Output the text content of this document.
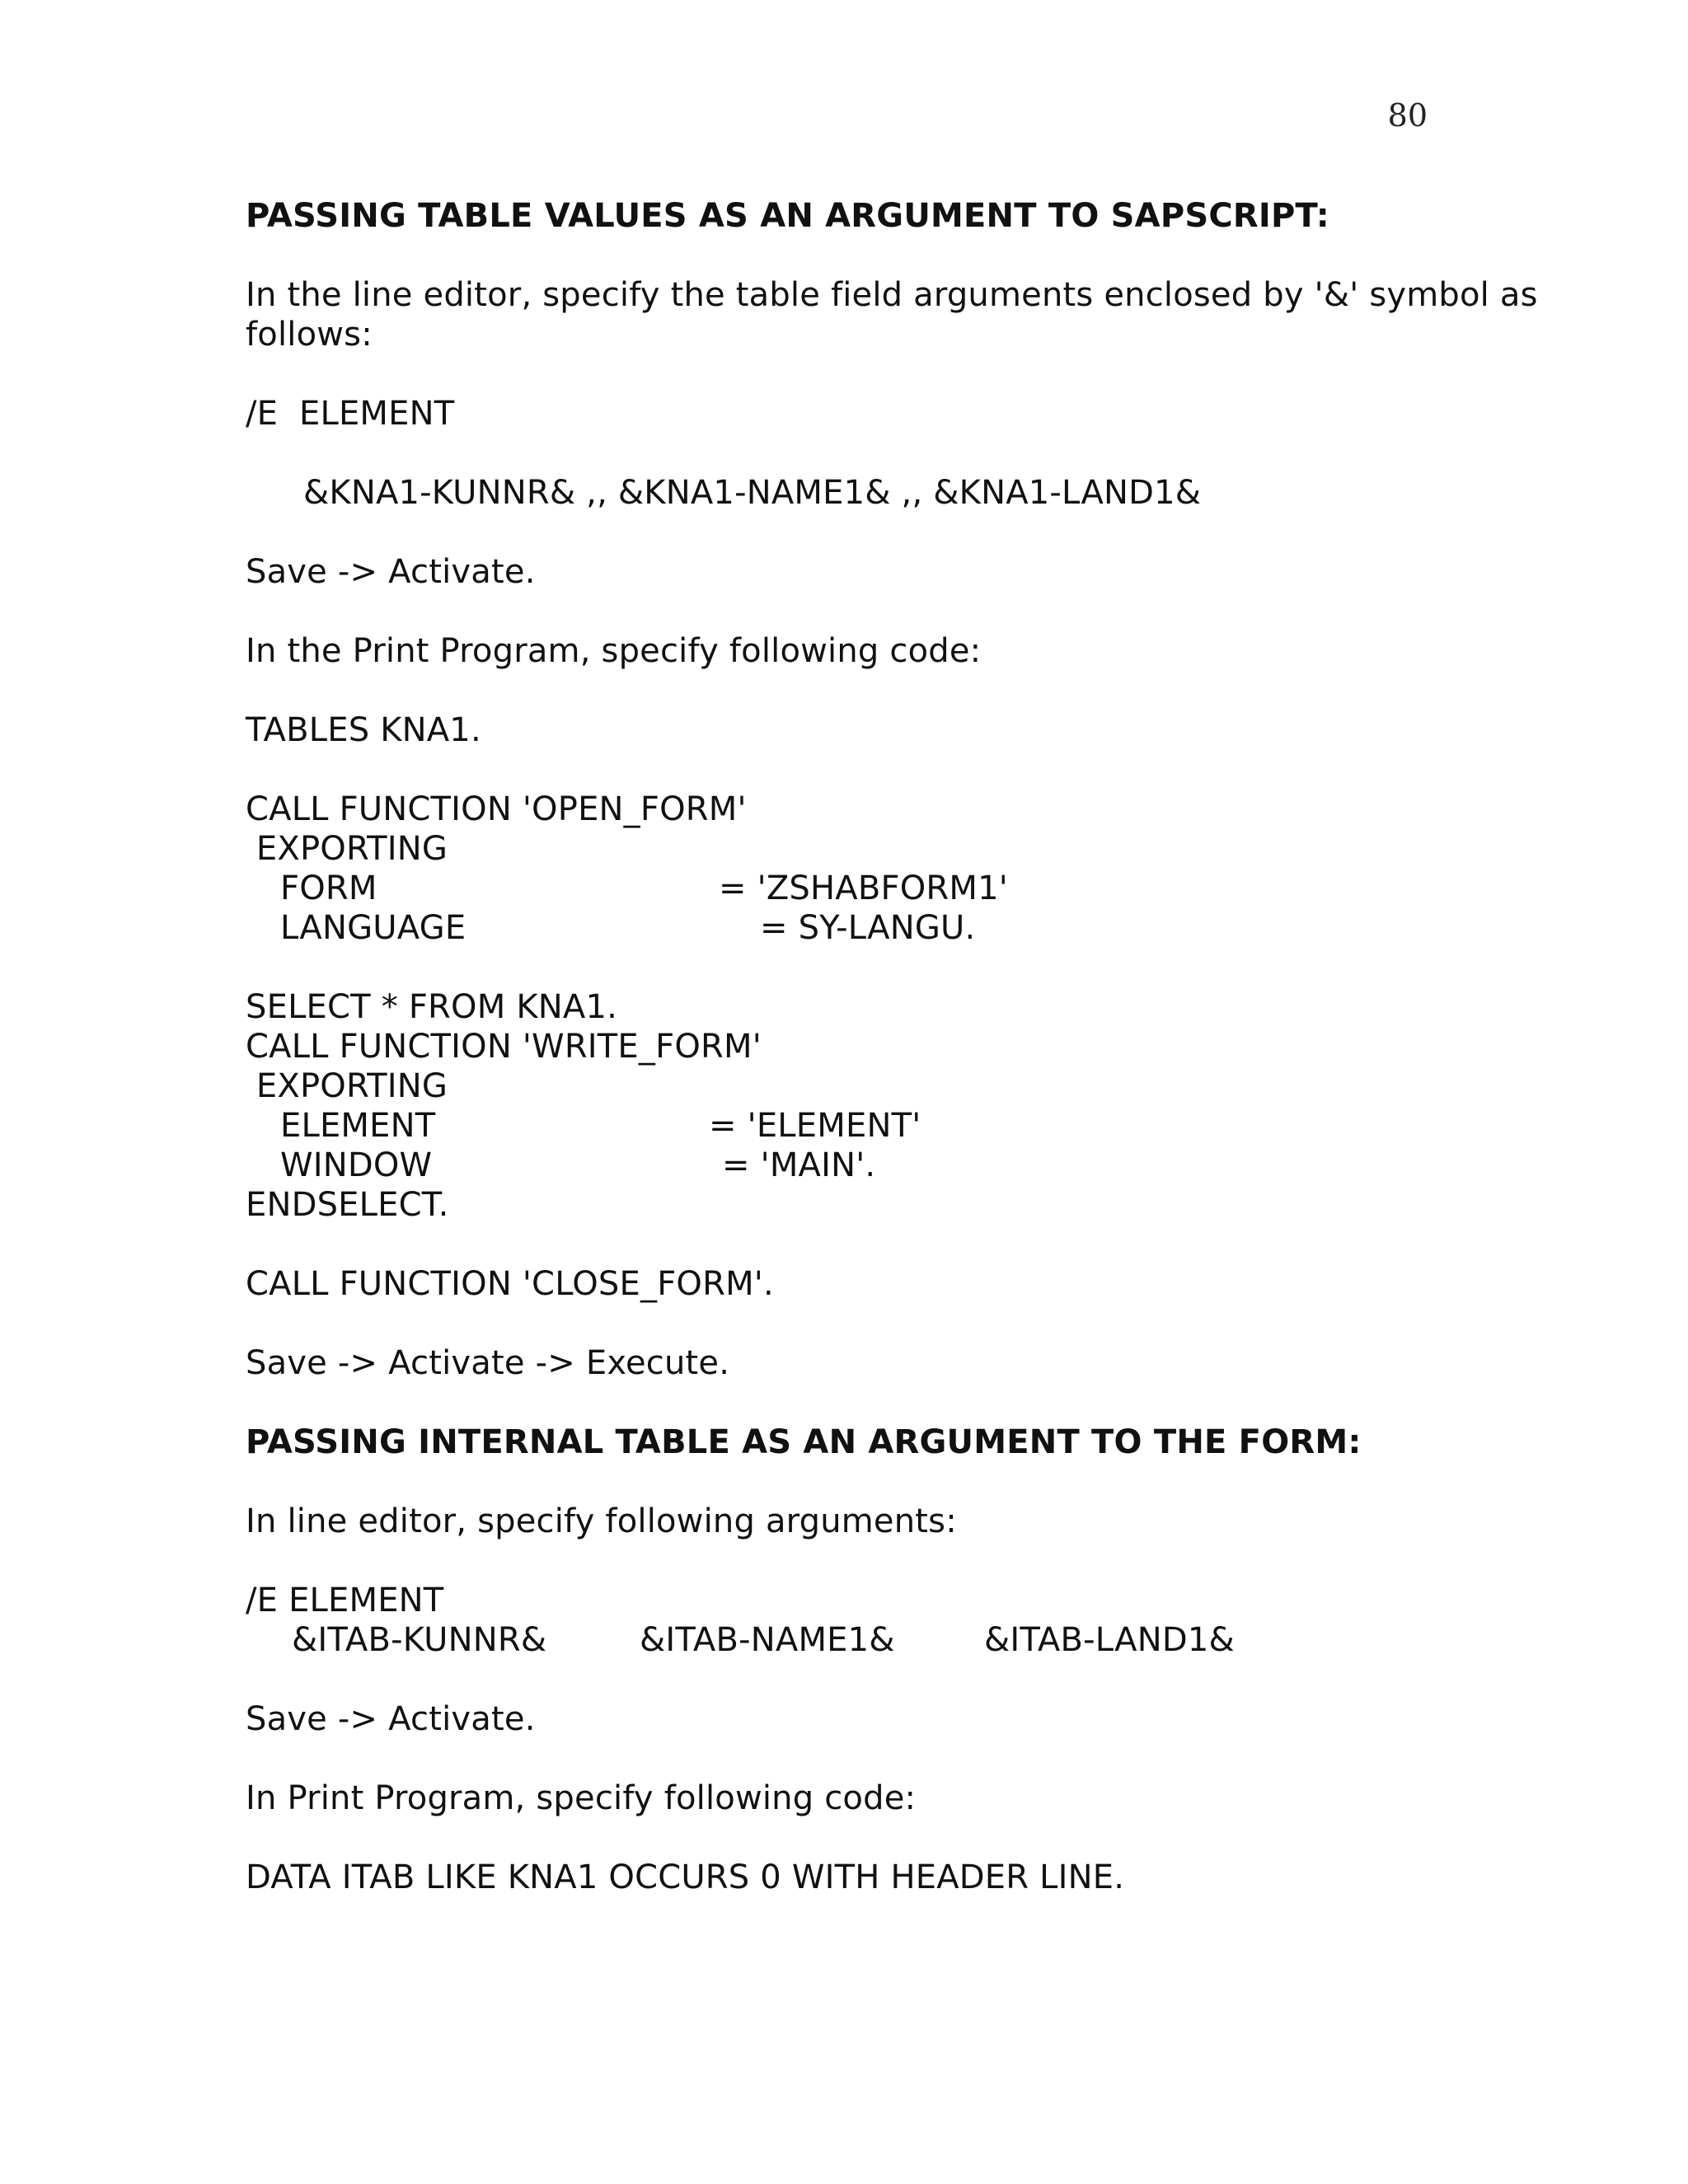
80
PASSING TABLE VALUES AS AN ARGUMENT TO SAPSCRIPT:
In the line editor, specify the table field arguments enclosed by '&' symbol as
follows:
/E  ELEMENT
&KNA1-KUNNR& ,, &KNA1-NAME1& ,, &KNA1-LAND1&
Save -> Activate.
In the Print Program, specify following code:
TABLES KNA1.
CALL FUNCTION 'OPEN_FORM'
EXPORTING
FORM	= 'ZSHABFORM1'
LANGUAGE	= SY-LANGU.
SELECT * FROM KNA1.
CALL FUNCTION 'WRITE_FORM'
EXPORTING
ELEMENT	= 'ELEMENT'
WINDOW	= 'MAIN'.
ENDSELECT.
CALL FUNCTION 'CLOSE_FORM'.
Save -> Activate -> Execute.
PASSING INTERNAL TABLE AS AN ARGUMENT TO THE FORM:
In line editor, specify following arguments:
/E ELEMENT
&ITAB-KUNNR&	&ITAB-NAME1&	&ITAB-LAND1&
Save -> Activate.
In Print Program, specify following code:
DATA ITAB LIKE KNA1 OCCURS 0 WITH HEADER LINE.
